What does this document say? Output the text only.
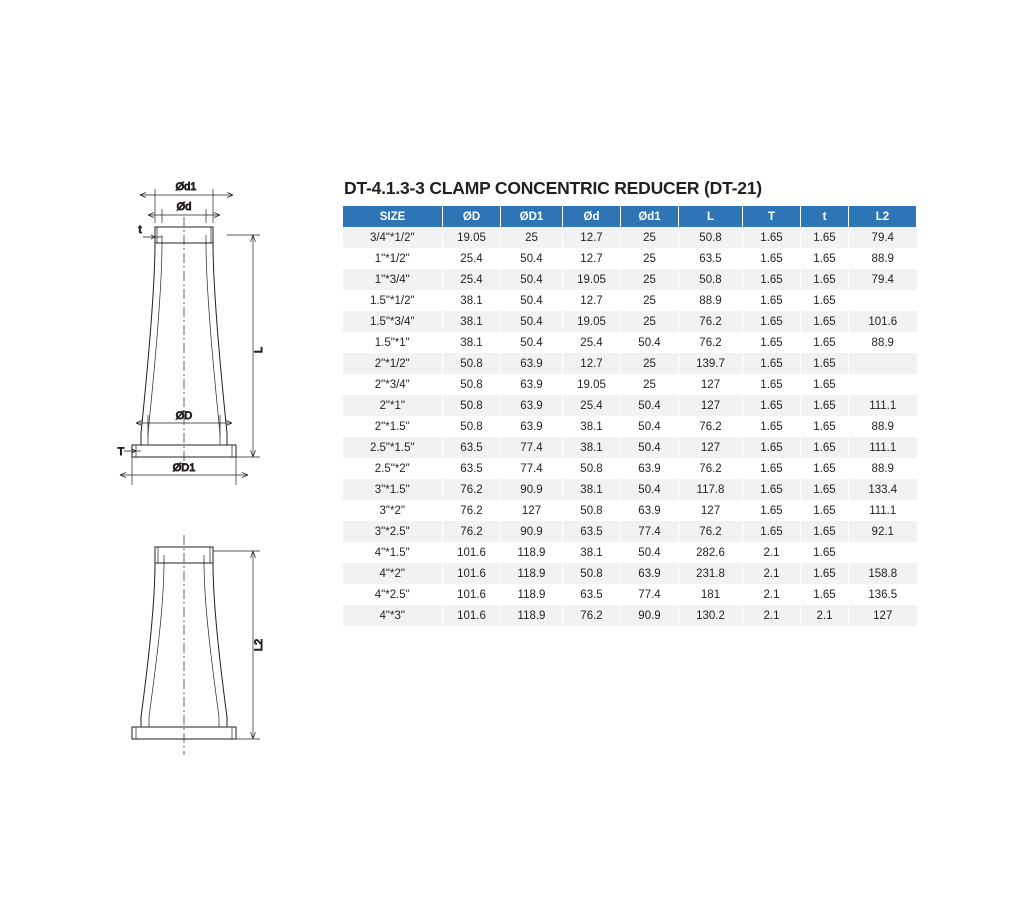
Ød1
Ød
t
L
ØD
ØD1
T
L2
DT-4.1.3-3 CLAMP CONCENTRIC REDUCER (DT-21)
SIZE	ØD	ØD1	Ød	Ød1	L	T	t	L2
3/4"*1/2"	19.05	25	12.7	25	50.8	1.65	1.65	79.4
1"*1/2"	25.4	50.4	12.7	25	63.5	1.65	1.65	88.9
1"*3/4"	25.4	50.4	19.05	25	50.8	1.65	1.65	79.4
1.5"*1/2"	38.1	50.4	12.7	25	88.9	1.65	1.65	
1.5"*3/4"	38.1	50.4	19.05	25	76.2	1.65	1.65	101.6
1.5"*1"	38.1	50.4	25.4	50.4	76.2	1.65	1.65	88.9
2"*1/2"	50.8	63.9	12.7	25	139.7	1.65	1.65	
2"*3/4"	50.8	63.9	19.05	25	127	1.65	1.65	
2"*1"	50.8	63.9	25.4	50.4	127	1.65	1.65	111.1
2"*1.5"	50.8	63.9	38.1	50.4	76.2	1.65	1.65	88.9
2.5"*1.5"	63.5	77.4	38.1	50.4	127	1.65	1.65	111.1
2.5"*2"	63.5	77.4	50.8	63.9	76.2	1.65	1.65	88.9
3"*1.5"	76.2	90.9	38.1	50.4	117.8	1.65	1.65	133.4
3"*2"	76.2	127	50.8	63.9	127	1.65	1.65	111.1
3"*2.5"	76.2	90.9	63.5	77.4	76.2	1.65	1.65	92.1
4"*1.5"	101.6	118.9	38.1	50.4	282.6	2.1	1.65	
4"*2"	101.6	118.9	50.8	63.9	231.8	2.1	1.65	158.8
4"*2.5"	101.6	118.9	63.5	77.4	181	2.1	1.65	136.5
4"*3"	101.6	118.9	76.2	90.9	130.2	2.1	2.1	127
